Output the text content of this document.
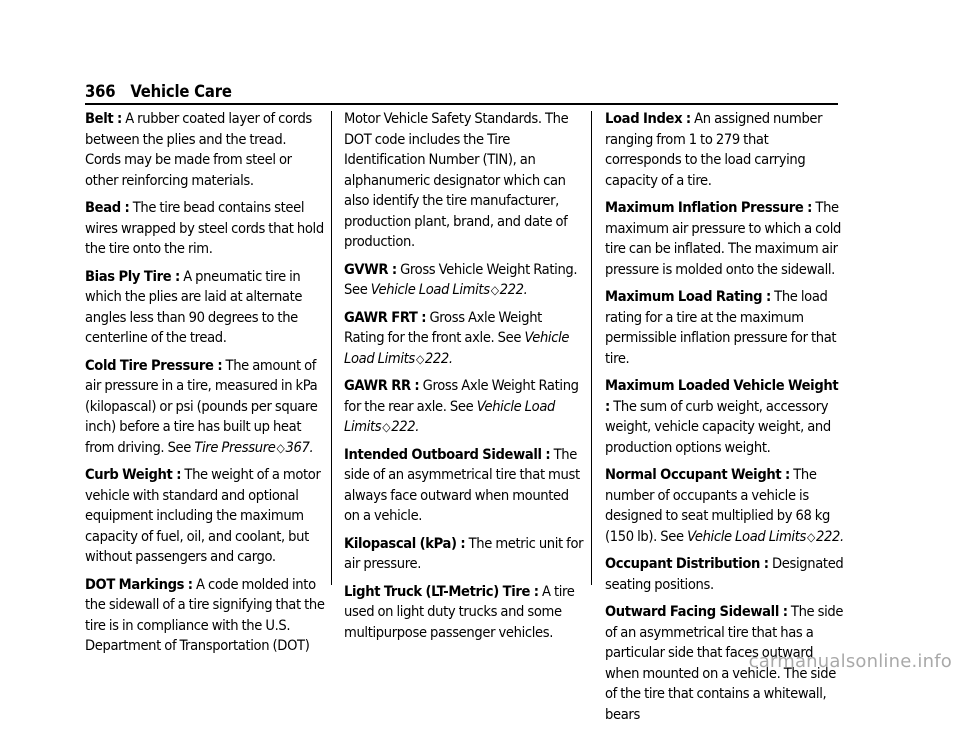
366 Vehicle Care

Belt : A rubber coated layer of cords between the plies and the tread. Cords may be made from steel or other reinforcing materials.

Bead : The tire bead contains steel wires wrapped by steel cords that hold the tire onto the rim.

Bias Ply Tire : A pneumatic tire in which the plies are laid at alternate angles less than 90 degrees to the centerline of the tread.

Cold Tire Pressure : The amount of air pressure in a tire, measured in kPa (kilopascal) or psi (pounds per square inch) before a tire has built up heat from driving. See Tire Pressure◇367.

Curb Weight : The weight of a motor vehicle with standard and optional equipment including the maximum capacity of fuel, oil, and coolant, but without passengers and cargo.

DOT Markings : A code molded into the sidewall of a tire signifying that the tire is in compliance with the U.S. Department of Transportation (DOT)

Motor Vehicle Safety Standards. The DOT code includes the Tire Identification Number (TIN), an alphanumeric designator which can also identify the tire manufacturer, production plant, brand, and date of production.

GVWR : Gross Vehicle Weight Rating. See Vehicle Load Limits◇222.

GAWR FRT : Gross Axle Weight Rating for the front axle. See Vehicle Load Limits◇222.

GAWR RR : Gross Axle Weight Rating for the rear axle. See Vehicle Load Limits◇222.

Intended Outboard Sidewall : The side of an asymmetrical tire that must always face outward when mounted on a vehicle.

Kilopascal (kPa) : The metric unit for air pressure.

Light Truck (LT-Metric) Tire : A tire used on light duty trucks and some multipurpose passenger vehicles.

Load Index : An assigned number ranging from 1 to 279 that corresponds to the load carrying capacity of a tire.

Maximum Inflation Pressure : The maximum air pressure to which a cold tire can be inflated. The maximum air pressure is molded onto the sidewall.

Maximum Load Rating : The load rating for a tire at the maximum permissible inflation pressure for that tire.

Maximum Loaded Vehicle Weight : The sum of curb weight, accessory weight, vehicle capacity weight, and production options weight.

Normal Occupant Weight : The number of occupants a vehicle is designed to seat multiplied by 68 kg (150 lb). See Vehicle Load Limits◇222.

Occupant Distribution : Designated seating positions.

Outward Facing Sidewall : The side of an asymmetrical tire that has a particular side that faces outward when mounted on a vehicle. The side of the tire that contains a whitewall, bears

carmanualsonline.info
